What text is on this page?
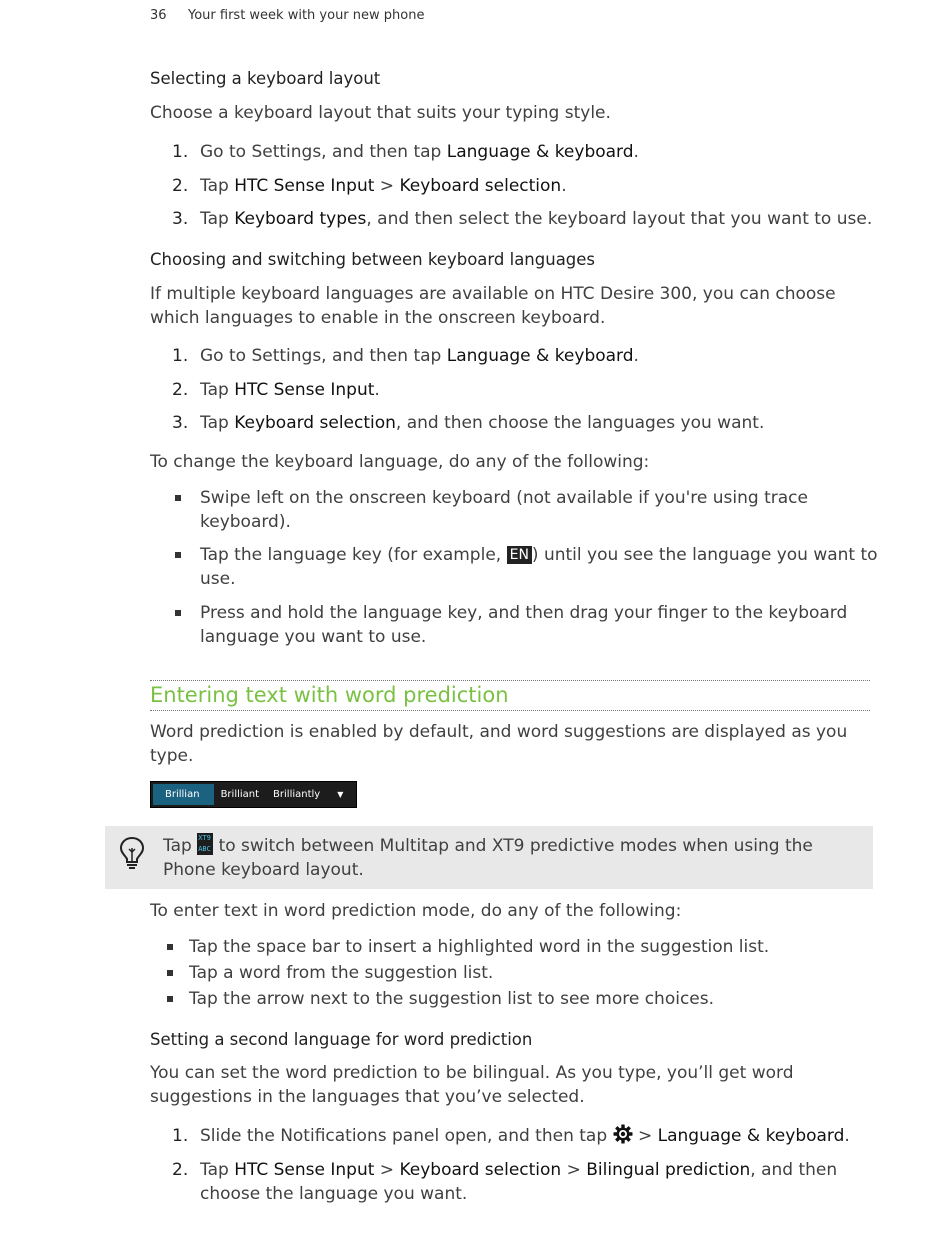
36 Your first week with your new phone
Selecting a keyboard layout

Choose a keyboard layout that suits your typing style.

1. Go to Settings, and then tap Language & keyboard.
2. Tap HTC Sense Input > Keyboard selection.
3. Tap Keyboard types, and then select the keyboard layout that you want to use.
Choosing and switching between keyboard languages

If multiple keyboard languages are available on HTC Desire 300, you can choose which languages to enable in the onscreen keyboard.

1. Go to Settings, and then tap Language & keyboard.
2. Tap HTC Sense Input.
3. Tap Keyboard selection, and then choose the languages you want.

To change the keyboard language, do any of the following:

Swipe left on the onscreen keyboard (not available if you're using trace keyboard).
Tap the language key (for example, EN ) until you see the language you want to use.
Press and hold the language key, and then drag your finger to the keyboard language you want to use.
Entering text with word prediction

Word prediction is enabled by default, and word suggestions are displayed as you type.

Brillian	Brilliant	Brilliantly	▼
Tap XT9
ABC to switch between Multitap and XT9 predictive modes when using the Phone keyboard layout.

To enter text in word prediction mode, do any of the following:

Tap the space bar to insert a highlighted word in the suggestion list.
Tap a word from the suggestion list.
Tap the arrow next to the suggestion list to see more choices.
Setting a second language for word prediction

You can set the word prediction to be bilingual. As you type, you’ll get word suggestions in the languages that you’ve selected.

1. Slide the Notifications panel open, and then tap  > Language & keyboard.
2. Tap HTC Sense Input > Keyboard selection > Bilingual prediction, and then choose the language you want.
